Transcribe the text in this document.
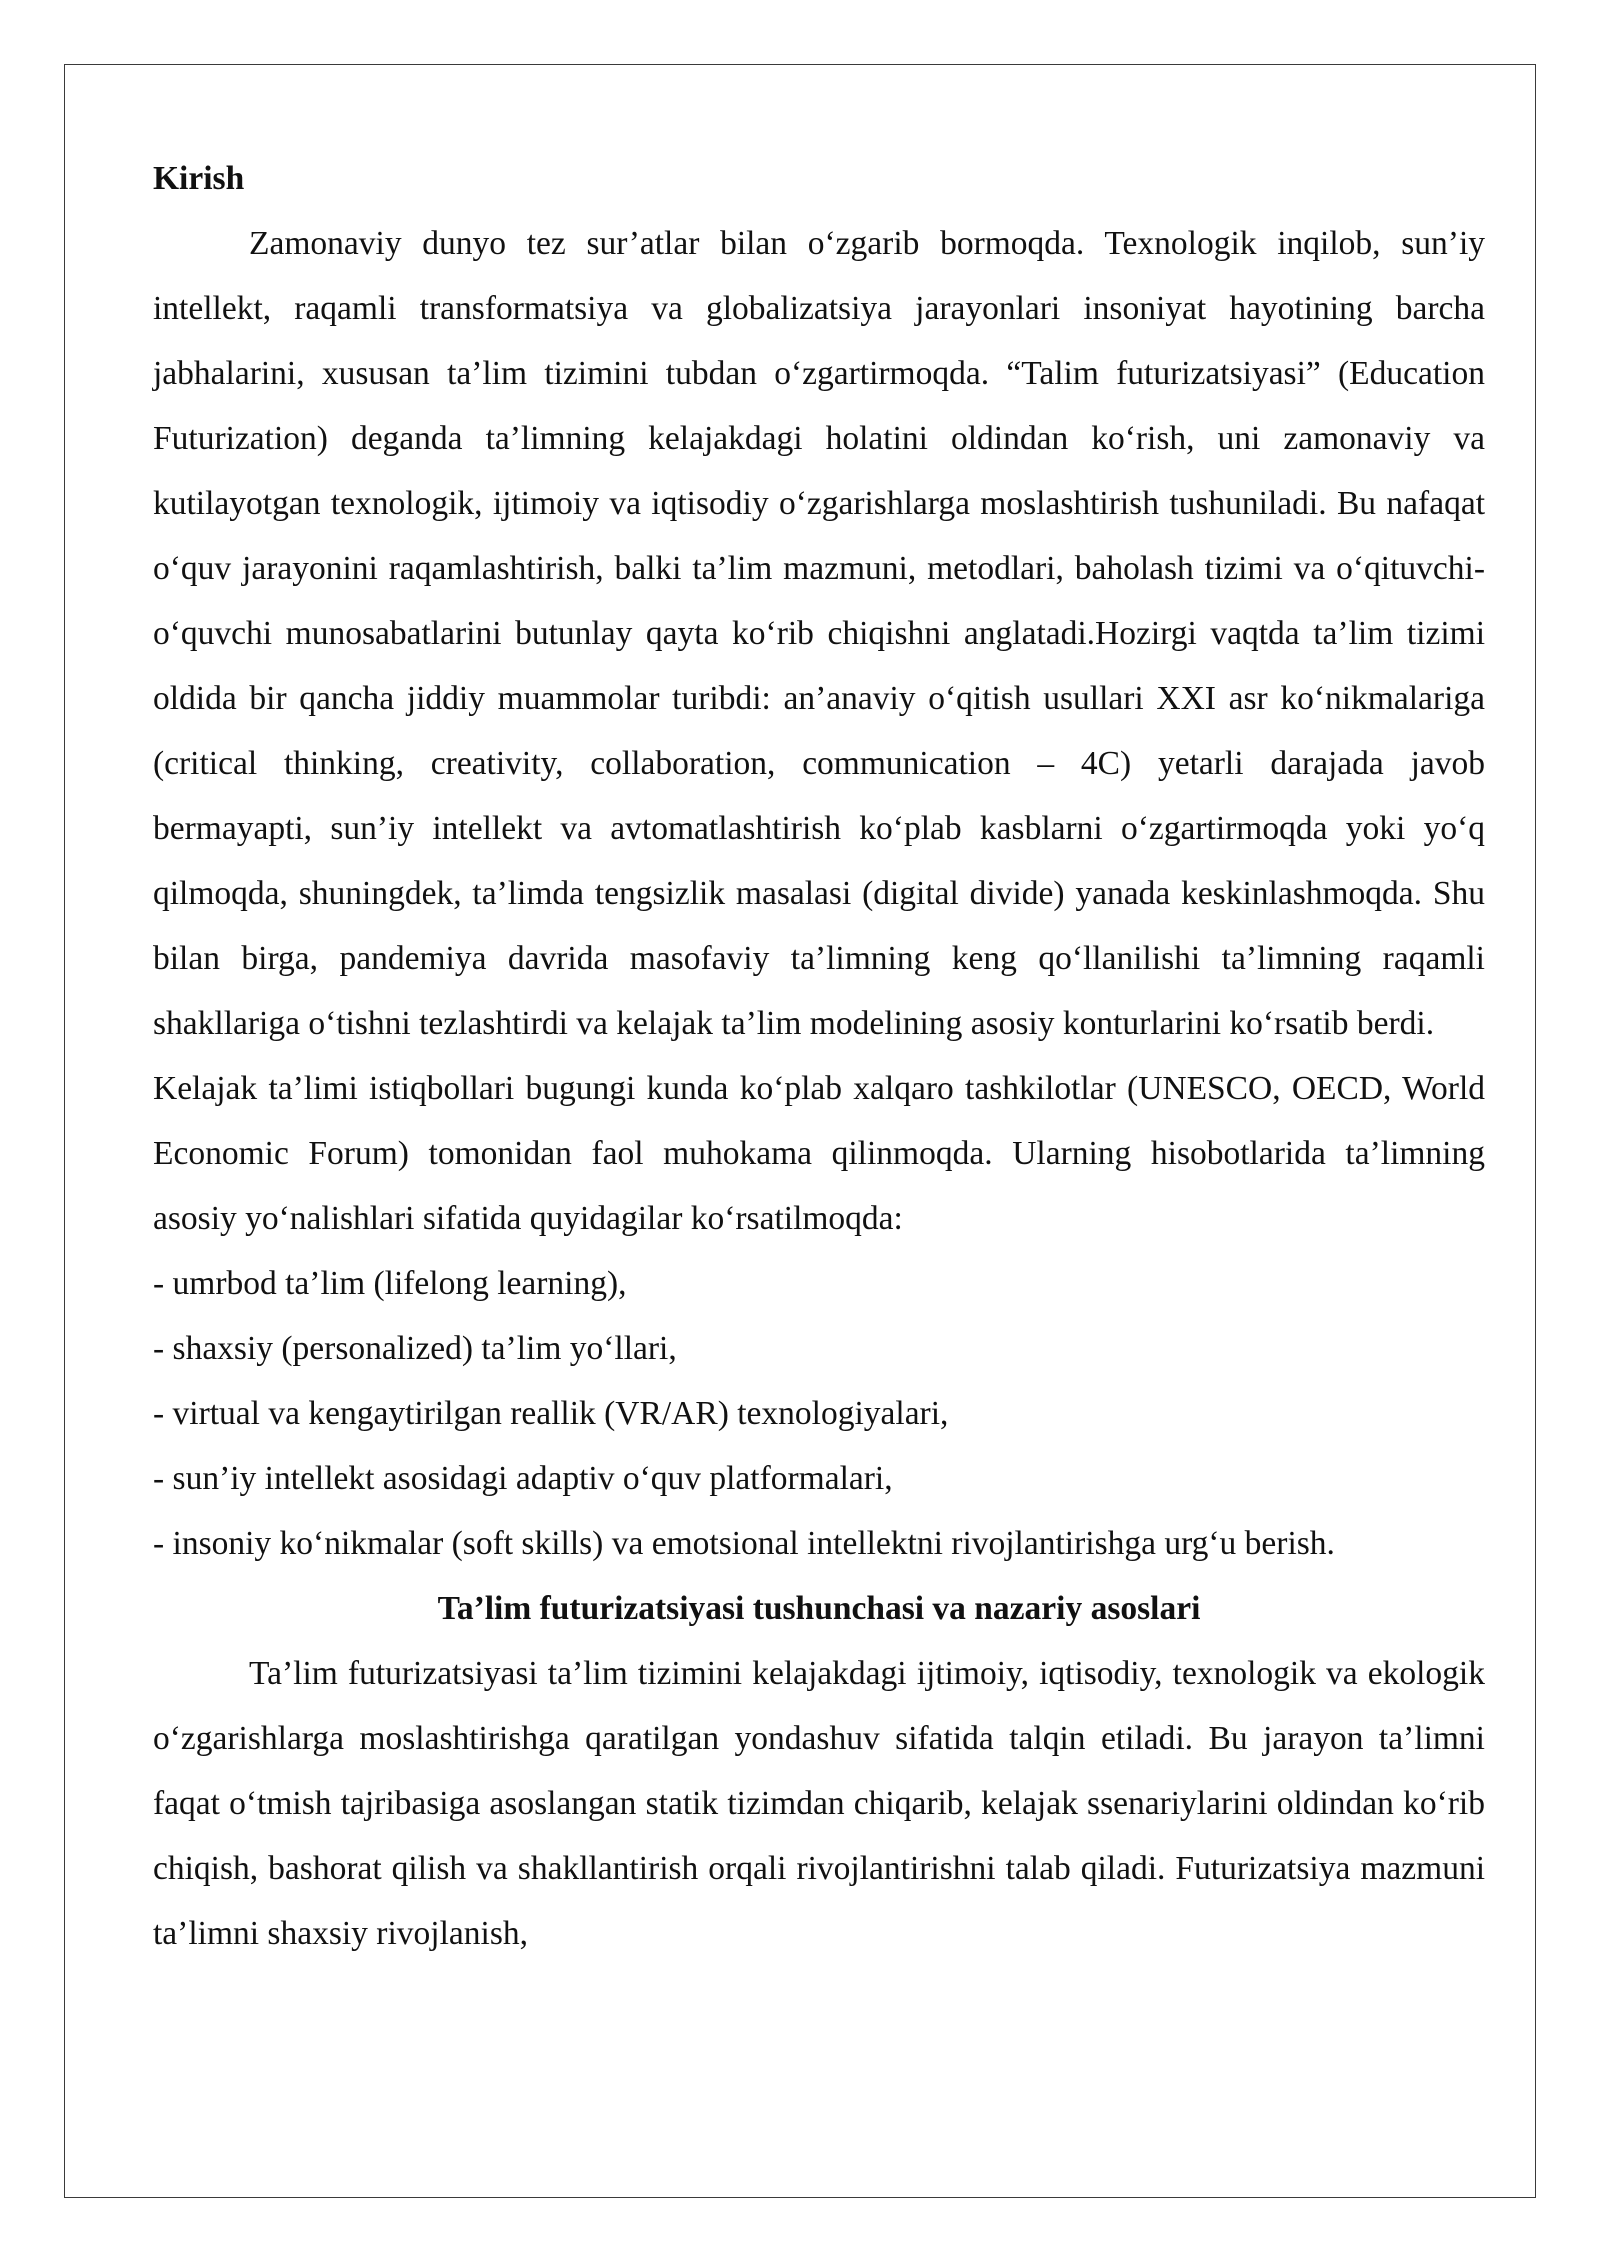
Kirish

Zamonaviy dunyo tez sur’atlar bilan o‘zgarib bormoqda. Texnologik inqilob, sun’iy intellekt, raqamli transformatsiya va globalizatsiya jarayonlari insoniyat hayotining barcha jabhalarini, xususan ta’lim tizimini tubdan o‘zgartirmoqda. “Talim futurizatsiyasi” (Education Futurization) deganda ta’limning kelajakdagi holatini oldindan ko‘rish, uni zamonaviy va kutilayotgan texnologik, ijtimoiy va iqtisodiy o‘zgarishlarga moslashtirish tushuniladi. Bu nafaqat o‘quv jarayonini raqamlashtirish, balki ta’lim mazmuni, metodlari, baholash tizimi va o‘qituvchi-o‘quvchi munosabatlarini butunlay qayta ko‘rib chiqishni anglatadi.Hozirgi vaqtda ta’lim tizimi oldida bir qancha jiddiy muammolar turibdi: an’anaviy o‘qitish usullari XXI asr ko‘nikmalariga (critical thinking, creativity, collaboration, communication – 4C) yetarli darajada javob bermayapti, sun’iy intellekt va avtomatlashtirish ko‘plab kasblarni o‘zgartirmoqda yoki yo‘q qilmoqda, shuningdek, ta’limda tengsizlik masalasi (digital divide) yanada keskinlashmoqda. Shu bilan birga, pandemiya davrida masofaviy ta’limning keng qo‘llanilishi ta’limning raqamli shakllariga o‘tishni tezlashtirdi va kelajak ta’lim modelining asosiy konturlarini ko‘rsatib berdi.

Kelajak ta’limi istiqbollari bugungi kunda ko‘plab xalqaro tashkilotlar (UNESCO, OECD, World Economic Forum) tomonidan faol muhokama qilinmoqda. Ularning hisobotlarida ta’limning asosiy yo‘nalishlari sifatida quyidagilar ko‘rsatilmoqda:

- umrbod ta’lim (lifelong learning),

- shaxsiy (personalized) ta’lim yo‘llari,

- virtual va kengaytirilgan reallik (VR/AR) texnologiyalari,

- sun’iy intellekt asosidagi adaptiv o‘quv platformalari,

- insoniy ko‘nikmalar (soft skills) va emotsional intellektni rivojlantirishga urg‘u berish.

Ta’lim futurizatsiyasi tushunchasi va nazariy asoslari

Ta’lim futurizatsiyasi ta’lim tizimini kelajakdagi ijtimoiy, iqtisodiy, texnologik va ekologik o‘zgarishlarga moslashtirishga qaratilgan yondashuv sifatida talqin etiladi. Bu jarayon ta’limni faqat o‘tmish tajribasiga asoslangan statik tizimdan chiqarib, kelajak ssenariylarini oldindan ko‘rib chiqish, bashorat qilish va shakllantirish orqali rivojlantirishni talab qiladi. Futurizatsiya mazmuni ta’limni shaxsiy rivojlanish,
